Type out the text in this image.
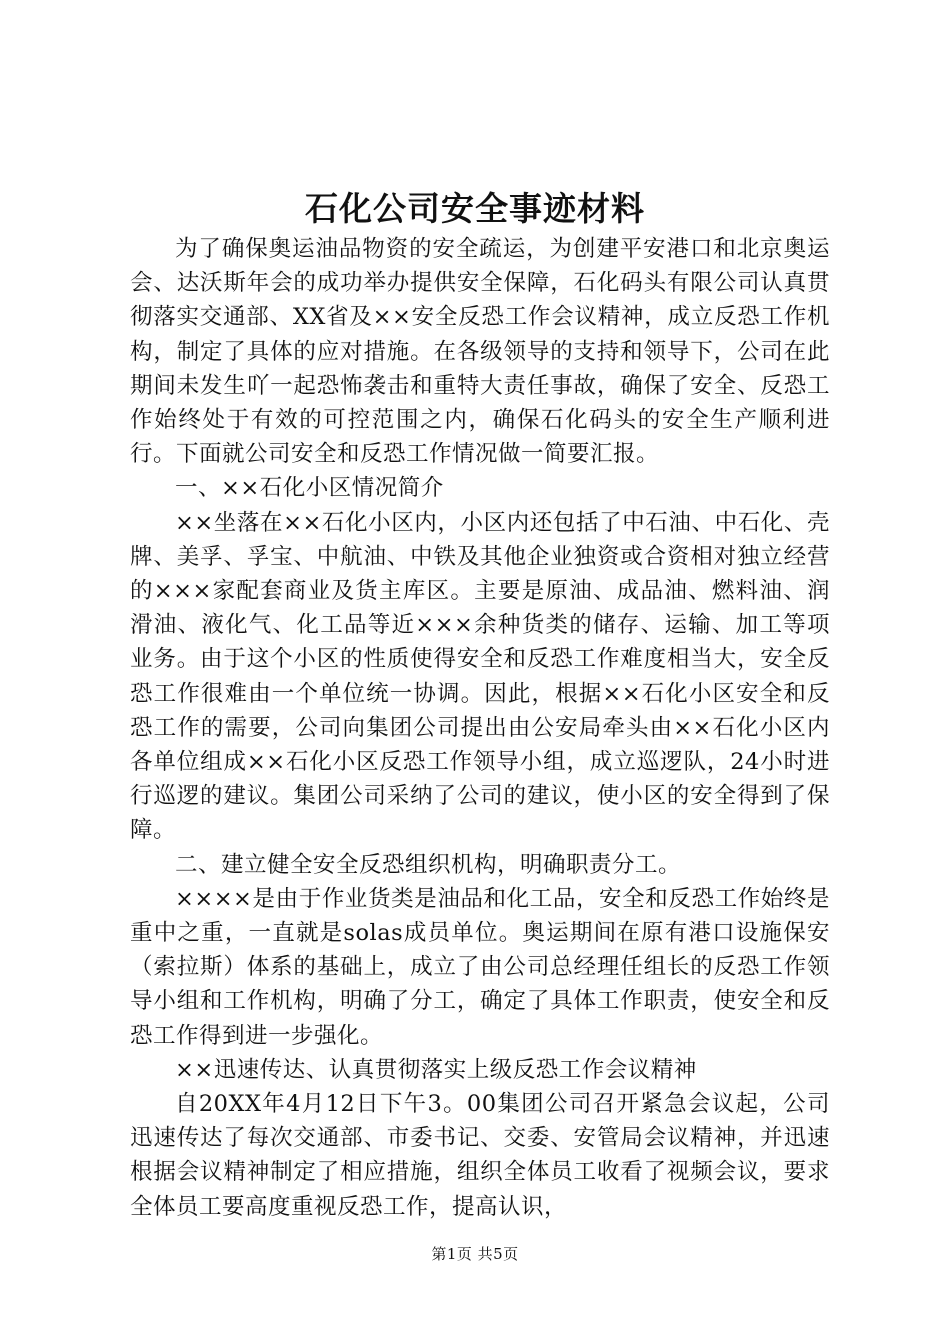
石化公司安全事迹材料

为了确保奥运油品物资的安全疏运，为创建平安港口和北京奥运会、达沃斯年会的成功举办提供安全保障，石化码头有限公司认真贯彻落实交通部、XX省及××安全反恐工作会议精神，成立反恐工作机构，制定了具体的应对措施。在各级领导的支持和领导下，公司在此期间未发生吖一起恐怖袭击和重特大责任事故，确保了安全、反恐工作始终处于有效的可控范围之内，确保石化码头的安全生产顺利进行。下面就公司安全和反恐工作情况做一简要汇报。

一、××石化小区情况简介

××坐落在××石化小区内，小区内还包括了中石油、中石化、壳牌、美孚、孚宝、中航油、中铁及其他企业独资或合资相对独立经营的×××家配套商业及货主库区。主要是原油、成品油、燃料油、润滑油、液化气、化工品等近×××余种货类的储存、运输、加工等项业务。由于这个小区的性质使得安全和反恐工作难度相当大，安全反恐工作很难由一个单位统一协调。因此，根据××石化小区安全和反恐工作的需要，公司向集团公司提出由公安局牵头由××石化小区内各单位组成××石化小区反恐工作领导小组，成立巡逻队，24小时进行巡逻的建议。集团公司采纳了公司的建议，使小区的安全得到了保障。

二、建立健全安全反恐组织机构，明确职责分工。

××××是由于作业货类是油品和化工品，安全和反恐工作始终是重中之重，一直就是solas成员单位。奥运期间在原有港口设施保安（索拉斯）体系的基础上，成立了由公司总经理任组长的反恐工作领导小组和工作机构，明确了分工，确定了具体工作职责，使安全和反恐工作得到进一步强化。

××迅速传达、认真贯彻落实上级反恐工作会议精神

自20XX年4月12日下午3。00集团公司召开紧急会议起，公司迅速传达了每次交通部、市委书记、交委、安管局会议精神，并迅速根据会议精神制定了相应措施，组织全体员工收看了视频会议，要求全体员工要高度重视反恐工作，提高认识，

第1页 共5页
